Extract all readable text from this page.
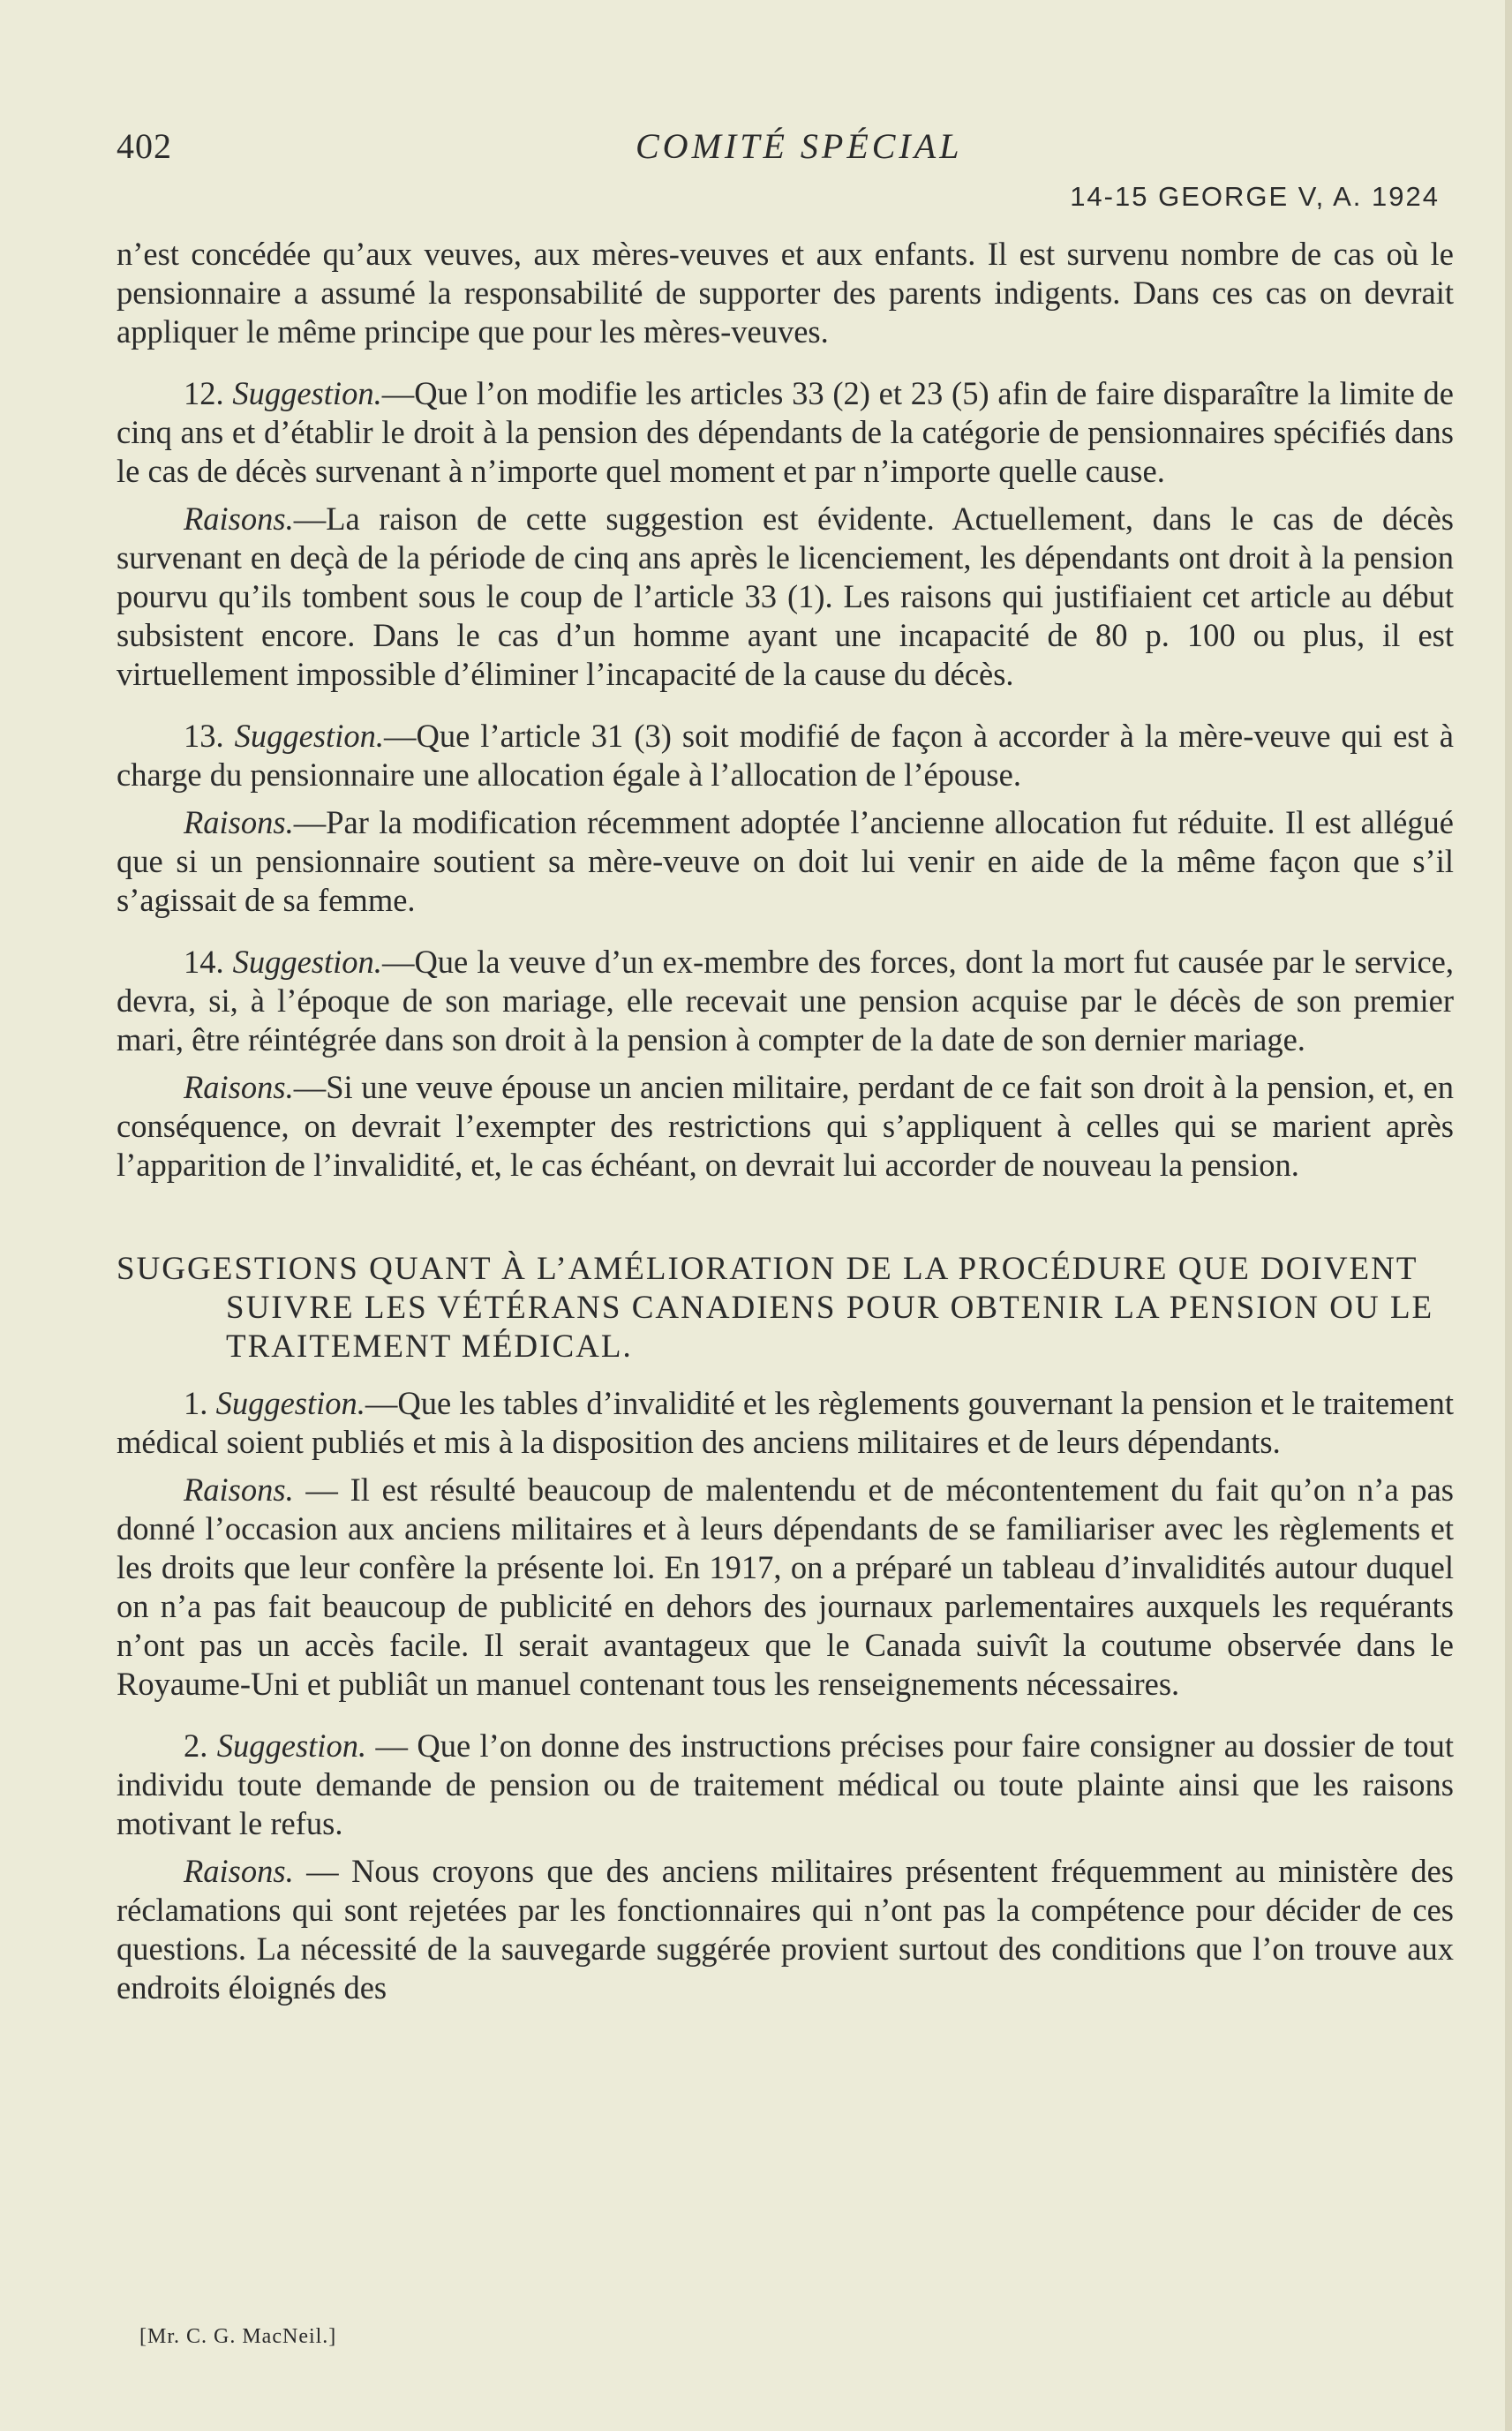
402	COMITÉ SPÉCIAL
14-15 GEORGE V, A. 1924

n’est concédée qu’aux veuves, aux mères-veuves et aux enfants. Il est survenu nombre de cas où le pensionnaire a assumé la responsabilité de supporter des parents indigents. Dans ces cas on devrait appliquer le même principe que pour les mères-veuves.

12. Suggestion.—Que l’on modifie les articles 33 (2) et 23 (5) afin de faire disparaître la limite de cinq ans et d’établir le droit à la pension des dépendants de la catégorie de pensionnaires spécifiés dans le cas de décès survenant à n’importe quel moment et par n’importe quelle cause.

Raisons.—La raison de cette suggestion est évidente. Actuellement, dans le cas de décès survenant en deçà de la période de cinq ans après le licenciement, les dépendants ont droit à la pension pourvu qu’ils tombent sous le coup de l’article 33 (1). Les raisons qui justifiaient cet article au début subsistent encore. Dans le cas d’un homme ayant une incapacité de 80 p. 100 ou plus, il est virtuellement impossible d’éliminer l’incapacité de la cause du décès.

13. Suggestion.—Que l’article 31 (3) soit modifié de façon à accorder à la mère-veuve qui est à charge du pensionnaire une allocation égale à l’allocation de l’épouse.

Raisons.—Par la modification récemment adoptée l’ancienne allocation fut réduite. Il est allégué que si un pensionnaire soutient sa mère-veuve on doit lui venir en aide de la même façon que s’il s’agissait de sa femme.

14. Suggestion.—Que la veuve d’un ex-membre des forces, dont la mort fut causée par le service, devra, si, à l’époque de son mariage, elle recevait une pension acquise par le décès de son premier mari, être réintégrée dans son droit à la pension à compter de la date de son dernier mariage.

Raisons.—Si une veuve épouse un ancien militaire, perdant de ce fait son droit à la pension, et, en conséquence, on devrait l’exempter des restrictions qui s’appliquent à celles qui se marient après l’apparition de l’invalidité, et, le cas échéant, on devrait lui accorder de nouveau la pension.

SUGGESTIONS QUANT À L’AMÉLIORATION DE LA PROCÉDURE QUE DOIVENT SUIVRE LES VÉTÉRANS CANADIENS POUR OBTENIR LA PENSION OU LE TRAITEMENT MÉDICAL.

1. Suggestion.—Que les tables d’invalidité et les règlements gouvernant la pension et le traitement médical soient publiés et mis à la disposition des anciens militaires et de leurs dépendants.

Raisons. — Il est résulté beaucoup de malentendu et de mécontentement du fait qu’on n’a pas donné l’occasion aux anciens militaires et à leurs dépendants de se familiariser avec les règlements et les droits que leur confère la présente loi. En 1917, on a préparé un tableau d’invalidités autour duquel on n’a pas fait beaucoup de publicité en dehors des journaux parlementaires auxquels les requérants n’ont pas un accès facile. Il serait avantageux que le Canada suivît la coutume observée dans le Royaume-Uni et publiât un manuel contenant tous les renseignements nécessaires.

2. Suggestion. — Que l’on donne des instructions précises pour faire consigner au dossier de tout individu toute demande de pension ou de traitement médical ou toute plainte ainsi que les raisons motivant le refus.

Raisons. — Nous croyons que des anciens militaires présentent fréquemment au ministère des réclamations qui sont rejetées par les fonctionnaires qui n’ont pas la compétence pour décider de ces questions. La nécessité de la sauvegarde suggérée provient surtout des conditions que l’on trouve aux endroits éloignés des

[Mr. C. G. MacNeil.]
